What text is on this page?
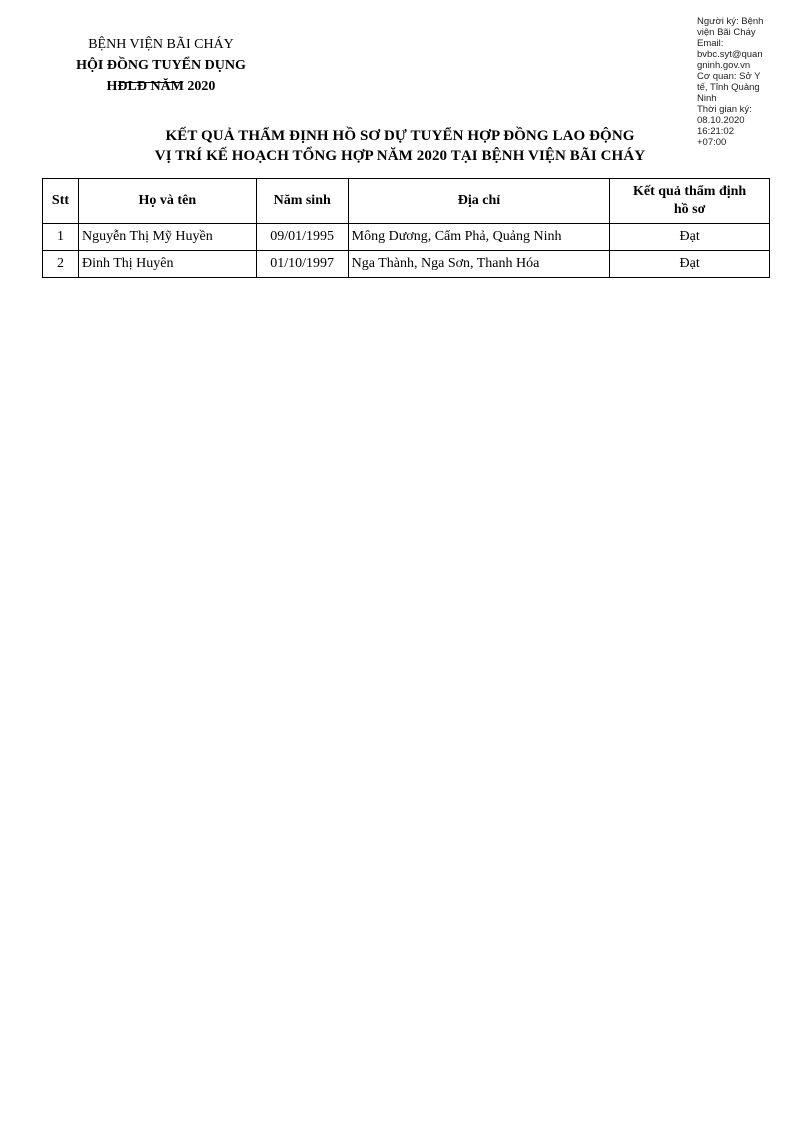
BỆNH VIỆN BÃI CHÁY
HỘI ĐỒNG TUYỂN DỤNG
HĐLĐ NĂM 2020
Người ký: Bệnh
viện Bãi Cháy
Email:
bvbc.syt@quan
gninh.gov.vn
Cơ quan: Sở Y
tế, Tỉnh Quảng
Ninh
Thời gian ký:
08.10.2020
16:21:02
+07:00
KẾT QUẢ THẨM ĐỊNH HỒ SƠ DỰ TUYỂN HỢP ĐỒNG LAO ĐỘNG
VỊ TRÍ KẾ HOẠCH TỔNG HỢP NĂM 2020 TẠI BỆNH VIỆN BÃI CHÁY
Stt	Họ và tên	Năm sinh	Địa chỉ	Kết quả thẩm định
hồ sơ

1	Nguyễn Thị Mỹ Huyền	09/01/1995	Mông Dương, Cẩm Phả, Quảng Ninh	Đạt
2	Đinh Thị Huyên	01/10/1997	Nga Thành, Nga Sơn, Thanh Hóa	Đạt
